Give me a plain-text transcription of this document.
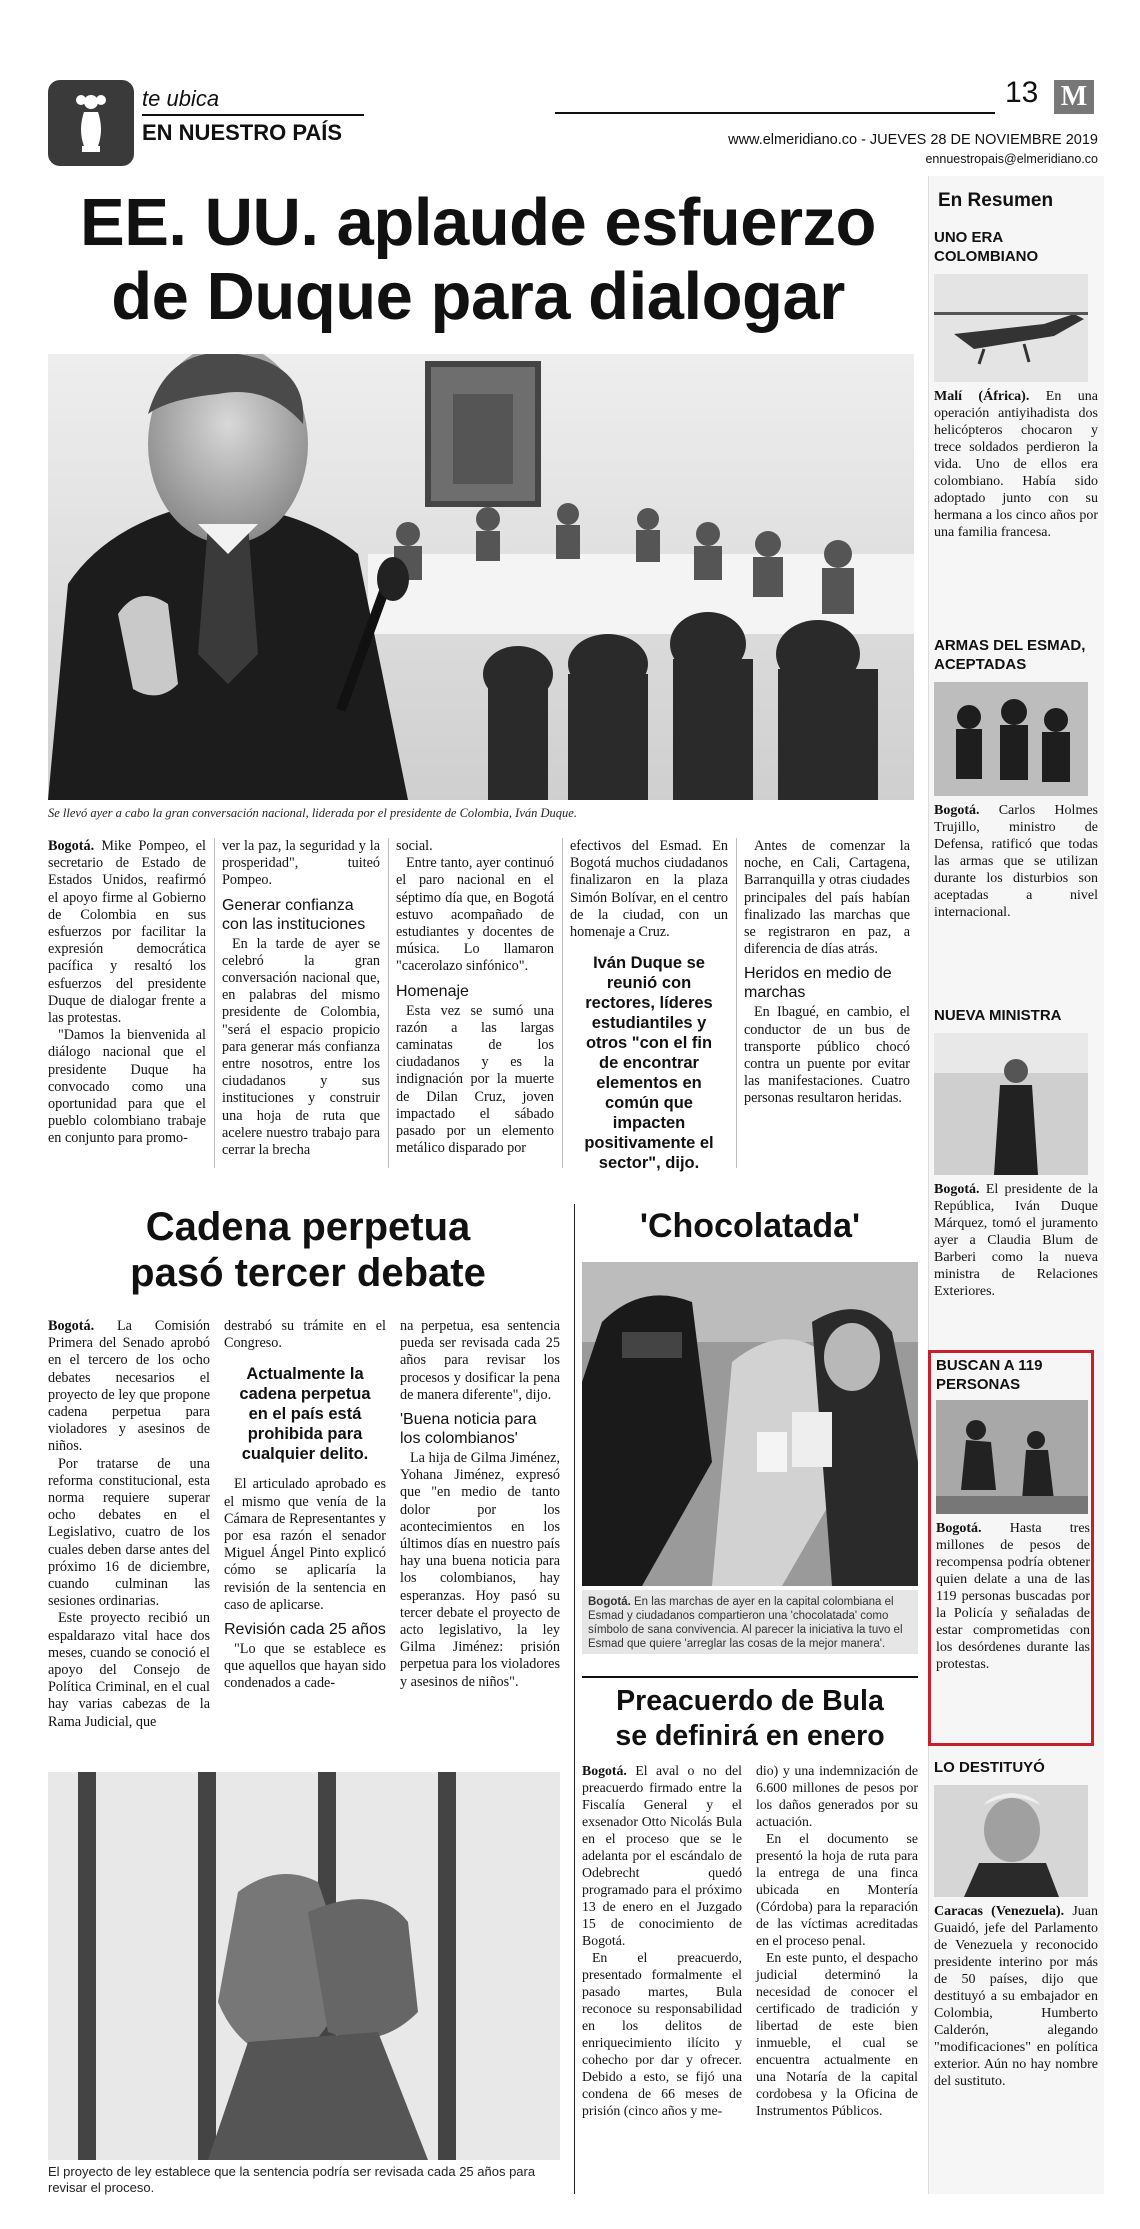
te ubica
EN NUESTRO PAÍS
13 M
www.elmeridiano.co - JUEVES 28 DE NOVIEMBRE 2019
ennuestropais@elmeridiano.co
EE. UU. aplaude esfuerzo
de Duque para dialogar
Se llevó ayer a cabo la gran conversación nacional, liderada por el presidente de Colombia, Iván Duque.

Bogotá. Mike Pompeo, el secretario de Estado de Estados Unidos, reafirmó el apoyo firme al Gobierno de Colombia en sus esfuerzos por facilitar la expresión democrática pacífica y resaltó los esfuerzos del presidente Duque de dialogar frente a las protestas.

"Damos la bienvenida al diálogo nacional que el presidente Duque ha convocado como una oportunidad para que el pueblo colombiano trabaje en conjunto para promo-

ver la paz, la seguridad y la prosperidad", tuiteó Pompeo.

Generar confianza con las instituciones

En la tarde de ayer se celebró la gran conversación nacional que, en palabras del mismo presidente de Colombia, "será el espacio propicio para generar más confianza entre nosotros, entre los ciudadanos y sus instituciones y construir una hoja de ruta que acelere nuestro trabajo para cerrar la brecha

social.

Entre tanto, ayer continuó el paro nacional en el séptimo día que, en Bogotá estuvo acompañado de estudiantes y docentes de música. Lo llamaron "cacerolazo sinfónico".

Homenaje

Esta vez se sumó una razón a las largas caminatas de los ciudadanos y es la indignación por la muerte de Dilan Cruz, joven impactado el sábado pasado por un elemento metálico disparado por

efectivos del Esmad. En Bogotá muchos ciudadanos finalizaron en la plaza Simón Bolívar, en el centro de la ciudad, con un homenaje a Cruz.

Iván Duque se reunió con rectores, líderes estudiantiles y otros "con el fin de encontrar elementos en común que impacten positivamente el sector", dijo.

Antes de comenzar la noche, en Cali, Cartagena, Barranquilla y otras ciudades principales del país habían finalizado las marchas que se registraron en paz, a diferencia de días atrás.

Heridos en medio de marchas

En Ibagué, en cambio, el conductor de un bus de transporte público chocó contra un puente por evitar las manifestaciones. Cuatro personas resultaron heridas.

Cadena perpetua
pasó tercer debate

Bogotá. La Comisión Primera del Senado aprobó en el tercero de los ocho debates necesarios el proyecto de ley que propone cadena perpetua para violadores y asesinos de niños.

Por tratarse de una reforma constitucional, esta norma requiere superar ocho debates en el Legislativo, cuatro de los cuales deben darse antes del próximo 16 de diciembre, cuando culminan las sesiones ordinarias.

Este proyecto recibió un espaldarazo vital hace dos meses, cuando se conoció el apoyo del Consejo de Política Criminal, en el cual hay varias cabezas de la Rama Judicial, que

destrabó su trámite en el Congreso.

Actualmente la cadena perpetua en el país está prohibida para cualquier delito.

El articulado aprobado es el mismo que venía de la Cámara de Representantes y por esa razón el senador Miguel Ángel Pinto explicó cómo se aplicaría la revisión de la sentencia en caso de aplicarse.

Revisión cada 25 años

"Lo que se establece es que aquellos que hayan sido condenados a cade-

na perpetua, esa sentencia pueda ser revisada cada 25 años para revisar los procesos y dosificar la pena de manera diferente", dijo.

'Buena noticia para los colombianos'

La hija de Gilma Jiménez, Yohana Jiménez, expresó que "en medio de tanto dolor por los acontecimientos en los últimos días en nuestro país hay una buena noticia para los colombianos, hay esperanzas. Hoy pasó su tercer debate el proyecto de acto legislativo, la ley Gilma Jiménez: prisión perpetua para los violadores y asesinos de niños".

El proyecto de ley establece que la sentencia podría ser revisada cada 25 años para revisar el proceso.
'Chocolatada'
Bogotá. En las marchas de ayer en la capital colombiana el Esmad y ciudadanos compartieron una 'chocolatada' como símbolo de sana convivencia. Al parecer la iniciativa la tuvo el Esmad que quiere 'arreglar las cosas de la mejor manera'.
Preacuerdo de Bula
se definirá en enero

Bogotá. El aval o no del preacuerdo firmado entre la Fiscalía General y el exsenador Otto Nicolás Bula en el proceso que se le adelanta por el escándalo de Odebrecht quedó programado para el próximo 13 de enero en el Juzgado 15 de conocimiento de Bogotá.

En el preacuerdo, presentado formalmente el pasado martes, Bula reconoce su responsabilidad en los delitos de enriquecimiento ilícito y cohecho por dar y ofrecer. Debido a esto, se fijó una condena de 66 meses de prisión (cinco años y me-

dio) y una indemnización de 6.600 millones de pesos por los daños generados por su actuación.

En el documento se presentó la hoja de ruta para la entrega de una finca ubicada en Montería (Córdoba) para la reparación de las víctimas acreditadas en el proceso penal.

En este punto, el despacho judicial determinó la necesidad de conocer el certificado de tradición y libertad de este bien inmueble, el cual se encuentra actualmente en una Notaría de la capital cordobesa y la Oficina de Instrumentos Públicos.

En Resumen
UNO ERA COLOMBIANO
Malí (África). En una operación antiyihadista dos helicópteros chocaron y trece soldados perdieron la vida. Uno de ellos era colombiano. Había sido adoptado junto con su hermana a los cinco años por una familia francesa.
ARMAS DEL ESMAD, ACEPTADAS
Bogotá. Carlos Holmes Trujillo, ministro de Defensa, ratificó que todas las armas que se utilizan durante los disturbios son aceptadas a nivel internacional.
NUEVA MINISTRA
Bogotá. El presidente de la República, Iván Duque Márquez, tomó el juramento ayer a Claudia Blum de Barberi como la nueva ministra de Relaciones Exteriores.
BUSCAN A 119 PERSONAS
Bogotá. Hasta tres millones de pesos de recompensa podría obtener quien delate a una de las 119 personas buscadas por la Policía y señaladas de estar comprometidas con los desórdenes durante las protestas.
LO DESTITUYÓ
Caracas (Venezuela). Juan Guaidó, jefe del Parlamento de Venezuela y reconocido presidente interino por más de 50 países, dijo que destituyó a su embajador en Colombia, Humberto Calderón, alegando "modificaciones" en política exterior. Aún no hay nombre del sustituto.
